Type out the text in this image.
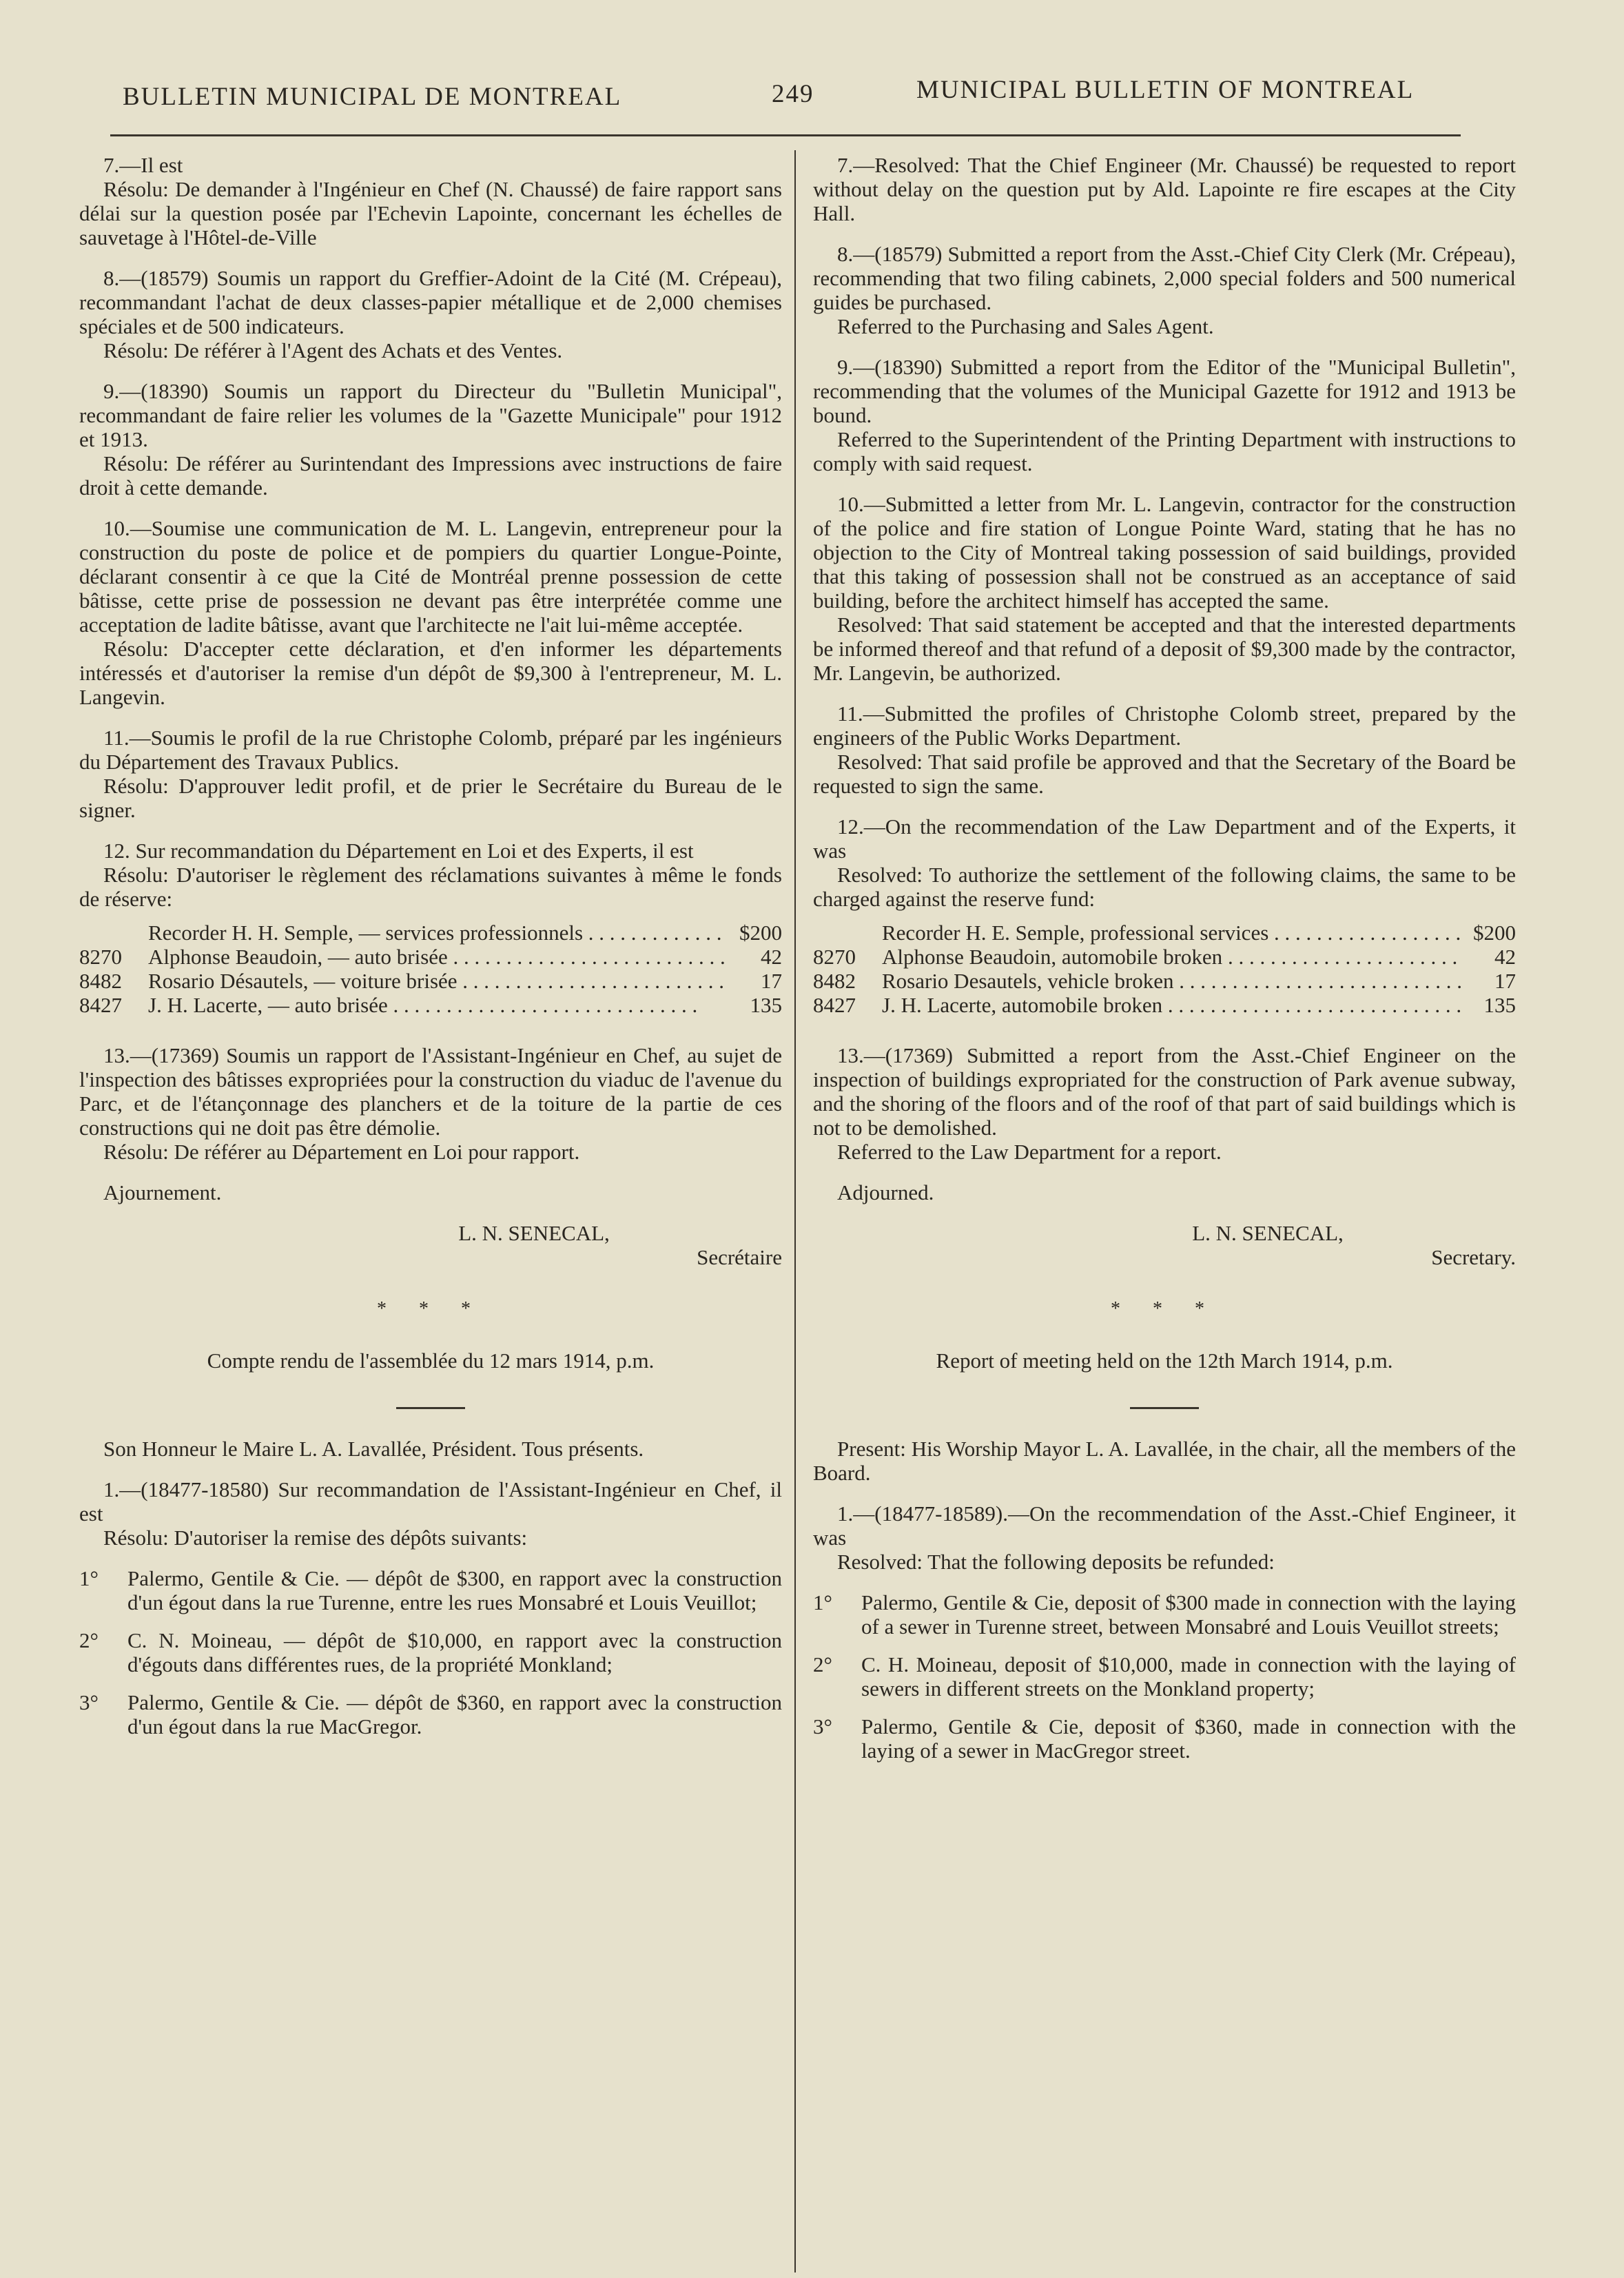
BULLETIN MUNICIPAL DE MONTREAL	249	MUNICIPAL BULLETIN OF MONTREAL

7.—Il est

Résolu: De demander à l'Ingénieur en Chef (N. Chaussé) de faire rapport sans délai sur la question posée par l'Echevin Lapointe, concernant les échelles de sauvetage à l'Hôtel-de-Ville

8.—(18579) Soumis un rapport du Greffier-Adoint de la Cité (M. Crépeau), recommandant l'achat de deux classes-papier métallique et de 2,000 chemises spéciales et de 500 indicateurs.

Résolu: De référer à l'Agent des Achats et des Ventes.

9.—(18390) Soumis un rapport du Directeur du "Bulletin Municipal", recommandant de faire relier les volumes de la "Gazette Municipale" pour 1912 et 1913.

Résolu: De référer au Surintendant des Impressions avec instructions de faire droit à cette demande.

10.—Soumise une communication de M. L. Langevin, entrepreneur pour la construction du poste de police et de pompiers du quartier Longue-Pointe, déclarant consentir à ce que la Cité de Montréal prenne possession de cette bâtisse, cette prise de possession ne devant pas être interprétée comme une acceptation de ladite bâtisse, avant que l'architecte ne l'ait lui-même acceptée.

Résolu: D'accepter cette déclaration, et d'en informer les départements intéressés et d'autoriser la remise d'un dépôt de $9,300 à l'entrepreneur, M. L. Langevin.

11.—Soumis le profil de la rue Christophe Colomb, préparé par les ingénieurs du Département des Travaux Publics.

Résolu: D'approuver ledit profil, et de prier le Secrétaire du Bureau de le signer.

12. Sur recommandation du Département en Loi et des Experts, il est

Résolu: D'autoriser le règlement des réclamations suivantes à même le fonds de réserve:

Recorder H. H. Semple, — services professionnels . . .	$200
8270	Alphonse Beaudoin, — auto brisée . . .	42
8482	Rosario Désautels, — voiture brisée . . .	17
8427	J. H. Lacerte, — auto brisée . . .	135

13.—(17369) Soumis un rapport de l'Assistant-Ingénieur en Chef, au sujet de l'inspection des bâtisses expropriées pour la construction du viaduc de l'avenue du Parc, et de l'étançonnage des planchers et de la toiture de la partie de ces constructions qui ne doit pas être démolie.

Résolu: De référer au Département en Loi pour rapport.

Ajournement.

L. N. SENECAL,

Secrétaire

* * *

Compte rendu de l'assemblée du 12 mars 1914, p.m.

Son Honneur le Maire L. A. Lavallée, Président. Tous présents.

1.—(18477-18580) Sur recommandation de l'Assistant-Ingénieur en Chef, il est

Résolu: D'autoriser la remise des dépôts suivants:

1°	Palermo, Gentile & Cie. — dépôt de $300, en rapport avec la construction d'un égout dans la rue Turenne, entre les rues Monsabré et Louis Veuillot;
2°	C. N. Moineau, — dépôt de $10,000, en rapport avec la construction d'égouts dans différentes rues, de la propriété Monkland;
3°	Palermo, Gentile & Cie. — dépôt de $360, en rapport avec la construction d'un égout dans la rue MacGregor.

7.—Resolved: That the Chief Engineer (Mr. Chaussé) be requested to report without delay on the question put by Ald. Lapointe re fire escapes at the City Hall.

8.—(18579) Submitted a report from the Asst.-Chief City Clerk (Mr. Crépeau), recommending that two filing cabinets, 2,000 special folders and 500 numerical guides be purchased.

Referred to the Purchasing and Sales Agent.

9.—(18390) Submitted a report from the Editor of the "Municipal Bulletin", recommending that the volumes of the Municipal Gazette for 1912 and 1913 be bound.

Referred to the Superintendent of the Printing Department with instructions to comply with said request.

10.—Submitted a letter from Mr. L. Langevin, contractor for the construction of the police and fire station of Longue Pointe Ward, stating that he has no objection to the City of Montreal taking possession of said buildings, provided that this taking of possession shall not be construed as an acceptance of said building, before the architect himself has accepted the same.

Resolved: That said statement be accepted and that the interested departments be informed thereof and that refund of a deposit of $9,300 made by the contractor, Mr. Langevin, be authorized.

11.—Submitted the profiles of Christophe Colomb street, prepared by the engineers of the Public Works Department.

Resolved: That said profile be approved and that the Secretary of the Board be requested to sign the same.

12.—On the recommendation of the Law Department and of the Experts, it was

Resolved: To authorize the settlement of the following claims, the same to be charged against the reserve fund:

Recorder H. E. Semple, professional services . . .	$200
8270	Alphonse Beaudoin, automobile broken . . .	42
8482	Rosario Desautels, vehicle broken . . .	17
8427	J. H. Lacerte, automobile broken . . .	135

13.—(17369) Submitted a report from the Asst.-Chief Engineer on the inspection of buildings expropriated for the construction of Park avenue subway, and the shoring of the floors and of the roof of that part of said buildings which is not to be demolished.

Referred to the Law Department for a report.

Adjourned.

L. N. SENECAL,

Secretary.

* * *

Report of meeting held on the 12th March 1914, p.m.

Present: His Worship Mayor L. A. Lavallée, in the chair, all the members of the Board.

1.—(18477-18589).—On the recommendation of the Asst.-Chief Engineer, it was

Resolved: That the following deposits be refunded:

1°	Palermo, Gentile & Cie, deposit of $300 made in connection with the laying of a sewer in Turenne street, between Monsabré and Louis Veuillot streets;
2°	C. H. Moineau, deposit of $10,000, made in connection with the laying of sewers in different streets on the Monkland property;
3°	Palermo, Gentile & Cie, deposit of $360, made in connection with the laying of a sewer in MacGregor street.
